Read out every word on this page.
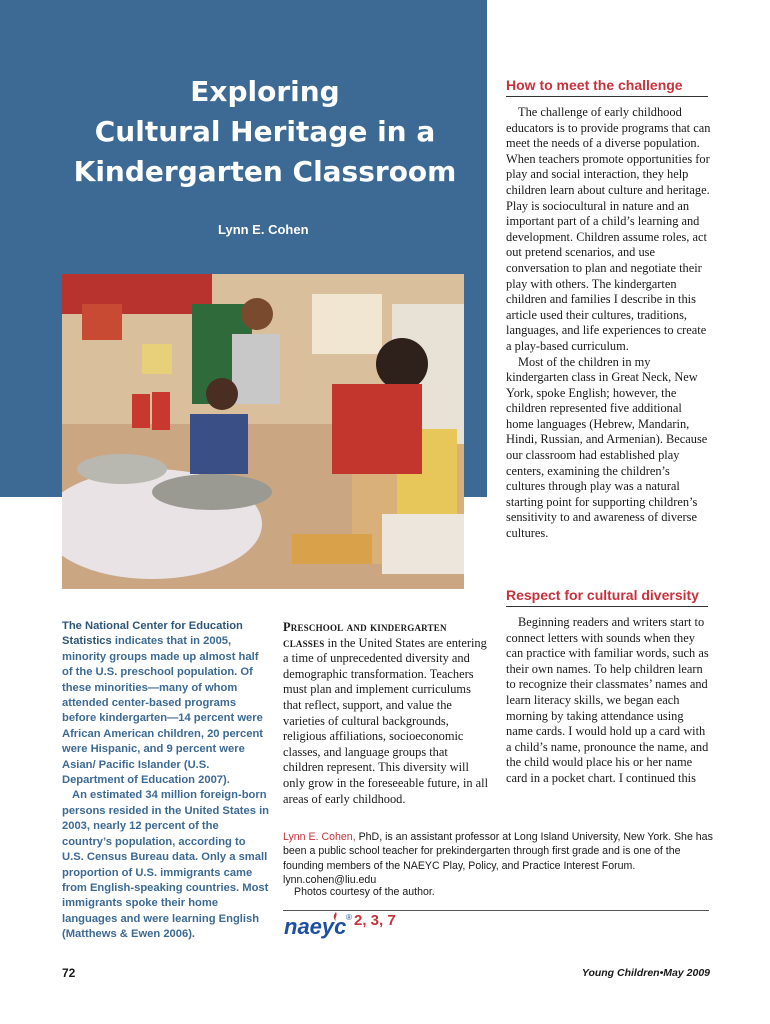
Exploring
Cultural Heritage in a
Kindergarten Classroom

Lynn E. Cohen

How to meet the challenge

The challenge of early childhood educators is to provide programs that can meet the needs of a diverse population. When teachers promote opportunities for play and social interaction, they help children learn about culture and heritage. Play is sociocultural in nature and an important part of a child’s learning and development. Children assume roles, act out pretend scenarios, and use conversation to plan and negotiate their play with others. The kindergarten children and families I describe in this article used their cultures, traditions, languages, and life experiences to create a play-based curriculum.

Most of the children in my kindergarten class in Great Neck, New York, spoke English; however, the children represented five additional home languages (Hebrew, Mandarin, Hindi, Russian, and Armenian). Because our classroom had established play centers, examining the children’s cultures through play was a natural starting point for supporting children’s sensitivity to and awareness of diverse cultures.

Respect for cultural diversity

Beginning readers and writers start to connect letters with sounds when they can practice with familiar words, such as their own names. To help children learn to recognize their classmates’ names and learn literacy skills, we began each morning by taking attendance using name cards. I would hold up a card with a child’s name, pronounce the name, and the child would place his or her name card in a pocket chart. I continued this

The National Center for Education Statistics indicates that in 2005, minority groups made up almost half of the U.S. preschool population. Of these minorities—many of whom attended center-based programs before kindergarten—14 percent were African American children, 20 percent were Hispanic, and 9 percent were Asian/ Pacific Islander (U.S. Department of Education 2007).

An estimated 34 million foreign-born persons resided in the United States in 2003, nearly 12 percent of the country’s population, according to U.S. Census Bureau data. Only a small proportion of U.S. immigrants came from English-speaking countries. Most immigrants spoke their home languages and were learning English (Matthews & Ewen 2006).

Preschool and kindergarten classes in the United States are entering a time of unprecedented diversity and demographic transformation. Teachers must plan and implement curriculums that reflect, support, and value the varieties of cultural backgrounds, religious affiliations, socioeconomic classes, and language groups that children represent. This diversity will only grow in the foreseeable future, in all areas of early childhood.

Lynn E. Cohen, PhD, is an assistant professor at Long Island University, New York. She has been a public school teacher for prekindergarten through first grade and is one of the founding members of the NAEYC Play, Policy, and Practice Interest Forum.
lynn.cohen@liu.edu

Photos courtesy of the author.

naeyc ® 2, 3, 7

72	Young Children•May 2009
